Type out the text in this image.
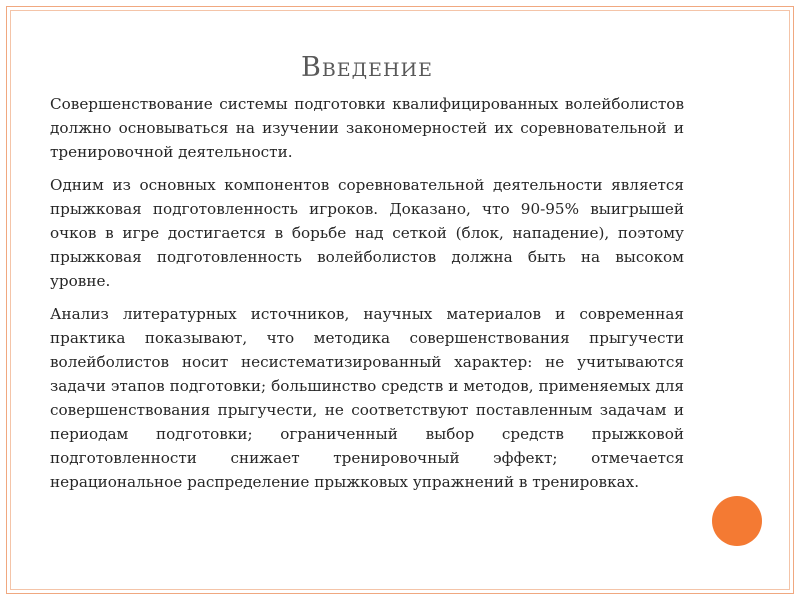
Введение

Совершенствование системы подготовки квалифицированных волейболистов должно основываться на изучении закономерностей их соревновательной и тренировочной деятельности.

Одним из основных компонентов соревновательной деятельности является прыжковая подготовленность игроков. Доказано, что 90-95% выигрышей очков в игре достигается в борьбе над сеткой (блок, нападение), поэтому прыжковая подготовленность волейболистов должна быть на высоком уровне.

Анализ литературных источников, научных материалов и современная практика показывают, что методика совершенствования прыгучести волейболистов носит несистематизированный характер: не учитываются задачи этапов подготовки; большинство средств и методов, применяемых для совершенствования прыгучести, не соответствуют поставленным задачам и периодам подготовки; ограниченный выбор средств прыжковой подготовленности снижает тренировочный эффект; отмечается нерациональное распределение прыжковых упражнений в тренировках.
